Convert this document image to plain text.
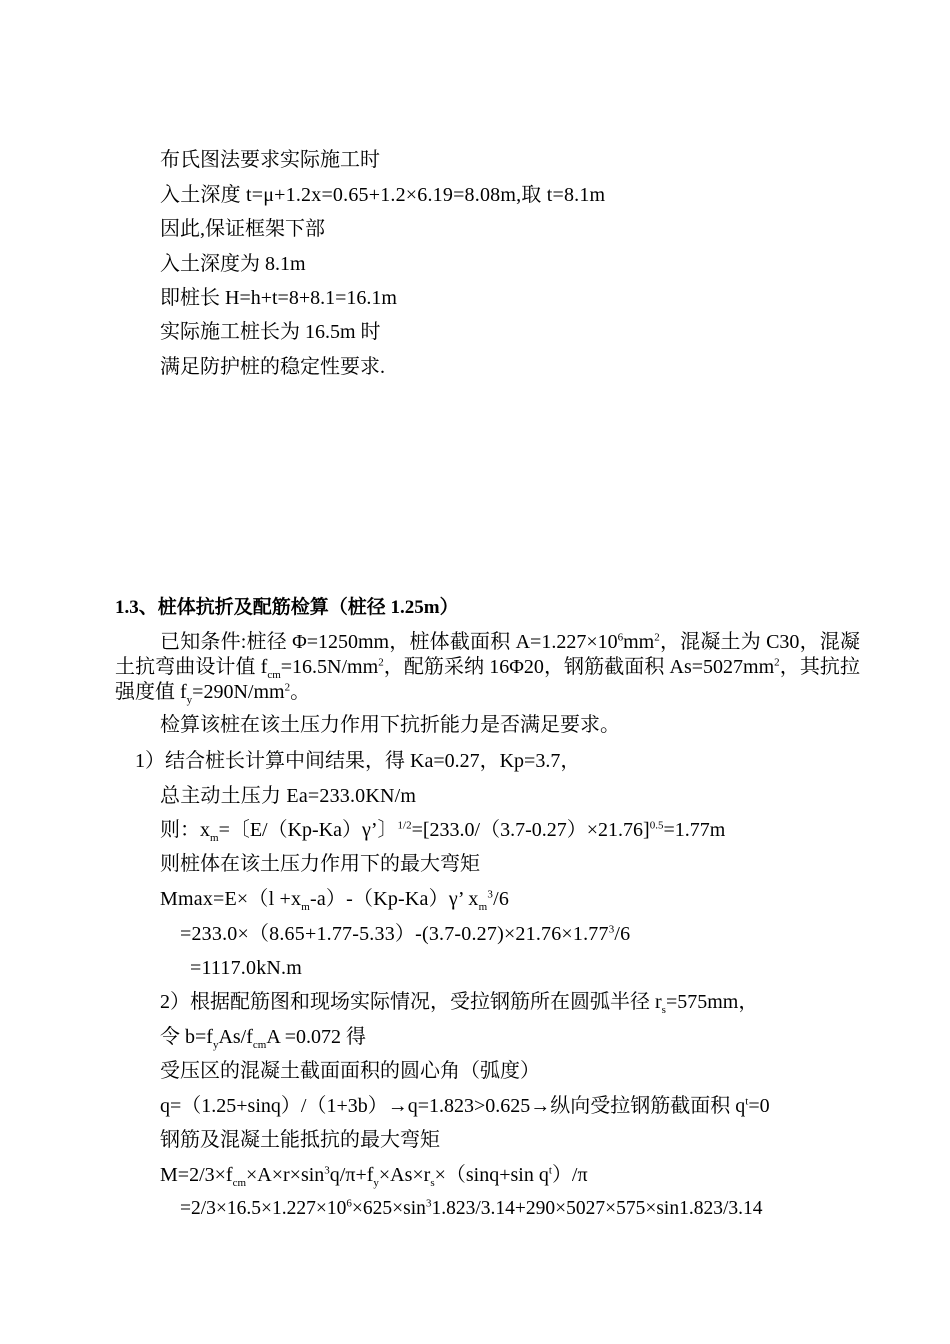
布氏图法要求实际施工时
入土深度 t=μ+1.2x=0.65+1.2×6.19=8.08m,取 t=8.1m
因此,保证框架下部
入土深度为 8.1m
即桩长 H=h+t=8+8.1=16.1m
实际施工桩长为 16.5m 时
满足防护桩的稳定性要求.
1.3、桩体抗折及配筋检算（桩径 1.25m）
已知条件:桩径 Φ=1250mm，桩体截面积 $A=1.227\times 10^6mm^2$，混凝土为 C30，混凝土抗弯曲设计值 $f_{cm}=16.5N/mm^2$，配筋采纳 16Φ20，钢筋截面积 $As=5027mm^2$，其抗拉强度值 $f_y=290N/mm^2$。
检算该桩在该土压力作用下抗折能力是否满足要求。
1）结合桩长计算中间结果，得 Ka=0.27，Kp=3.7，
总主动土压力 Ea=233.0KN/m
则：$x_m=$〔E/（Kp-Ka）γ’〕$^{1/2}=[233.0/(3.7-0.27)\times 21.76]^{0.5}=1.77m$
则桩体在该土压力作用下的最大弯矩
$Mmax=E\times(l +x_m-a)-(Kp-Ka)\gamma$’ $x_m^3/6$
$=233.0\times(8.65+1.77-5.33)-(3.7-0.27)\times 21.76\times 1.77^3/6$
=1117.0kN.m
2）根据配筋图和现场实际情况，受拉钢筋所在圆弧半径 $r_s=575mm$，
令 $b=f_yAs/f_{cm}A =0.072$ 得
受压区的混凝土截面面积的圆心角（弧度）
q=（1.25+sinq）/（1+3b）→q=1.823>0.625→纵向受拉钢筋截面积 $q^t=0$
钢筋及混凝土能抵抗的最大弯矩
$M=2/3\times f_{cm}\times A\times r\times\sin^3q/\pi+f_y\times As\times r_s\times(\sin q+\sin$ $q^t)/\pi$
$=2/3\times 16.5\times 1.227\times 10^6\times 625\times\sin^31.823/3.14+290\times 5027\times 575\times\sin 1.823/3.14$
